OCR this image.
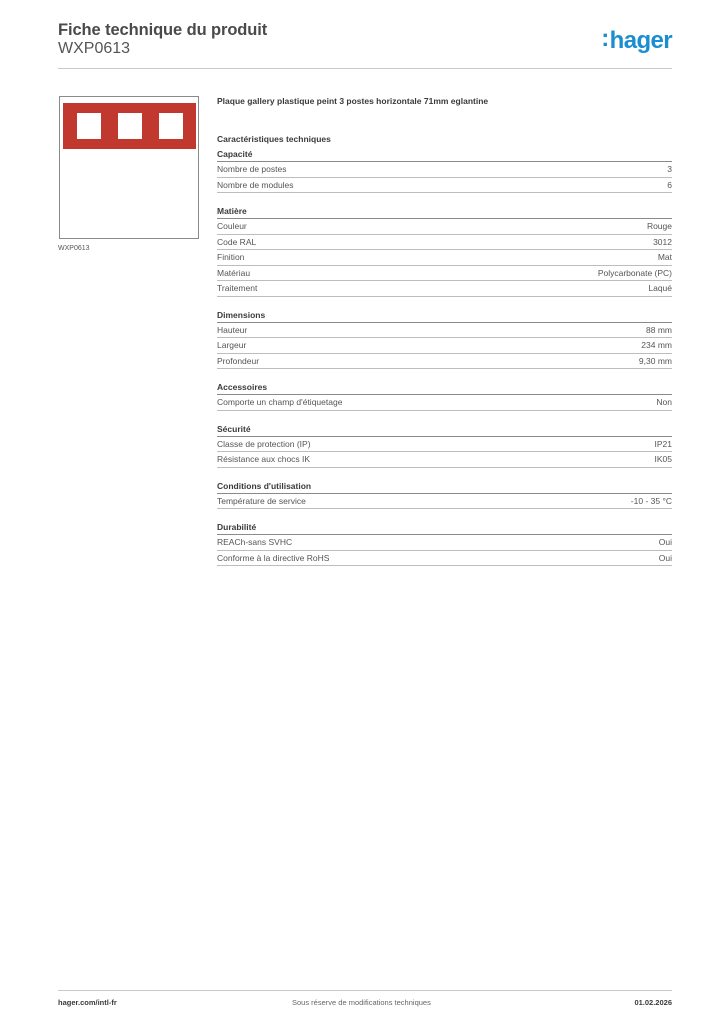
Fiche technique du produit
WXP0613	:hager
WXP0613
Plaque gallery plastique peint 3 postes horizontale 71mm eglantine
Caractéristiques techniques
Capacité
Nombre de postes	3
Nombre de modules	6
Matière
Couleur	Rouge
Code RAL	3012
Finition	Mat
Matériau	Polycarbonate (PC)
Traitement	Laqué
Dimensions
Hauteur	88 mm
Largeur	234 mm
Profondeur	9,30 mm
Accessoires
Comporte un champ d'étiquetage	Non
Sécurité
Classe de protection (IP)	IP21
Résistance aux chocs IK	IK05
Conditions d'utilisation
Température de service	-10 - 35 °C
Durabilité
REACh-sans SVHC	Oui
Conforme à la directive RoHS	Oui
hager.com/intl-fr	Sous réserve de modifications techniques	01.02.2026
